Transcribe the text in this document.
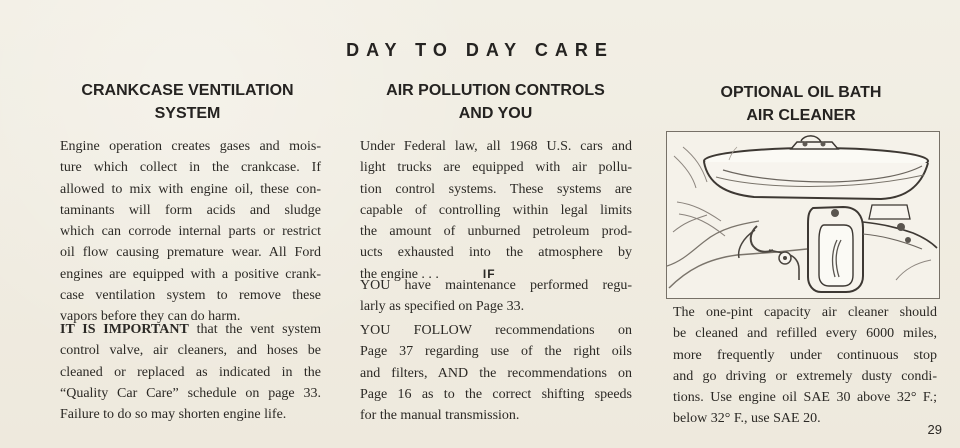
DAY TO DAY CARE
CRANKCASE VENTILATION
SYSTEM
Engine operation creates gases and mois-
ture which collect in the crankcase. If
allowed to mix with engine oil, these con-
taminants will form acids and sludge
which can corrode internal parts or restrict
oil flow causing premature wear. All Ford
engines are equipped with a positive crank-
case ventilation system to remove these
vapors before they can do harm.
IT IS IMPORTANT that the vent system
control valve, air cleaners, and hoses be
cleaned or replaced as indicated in the
“Quality Car Care” schedule on page 33.
Failure to do so may shorten engine life.
AIR POLLUTION CONTROLS
AND YOU
Under Federal law, all 1968 U.S. cars and
light trucks are equipped with air pollu-
tion control systems. These systems are
capable of controlling within legal limits
the amount of unburned petroleum prod-
ucts exhausted into the atmosphere by
the engine . . .	IF
YOU have maintenance performed regu-
larly as specified on Page 33.
YOU FOLLOW recommendations on
Page 37 regarding use of the right oils
and filters, AND the recommendations on
Page 16 as to the correct shifting speeds
for the manual transmission.
OPTIONAL OIL BATH
AIR CLEANER
The one-pint capacity air cleaner should
be cleaned and refilled every 6000 miles,
more frequently under continuous stop
and go driving or extremely dusty condi-
tions. Use engine oil SAE 30 above 32° F.;
below 32° F., use SAE 20.
29
